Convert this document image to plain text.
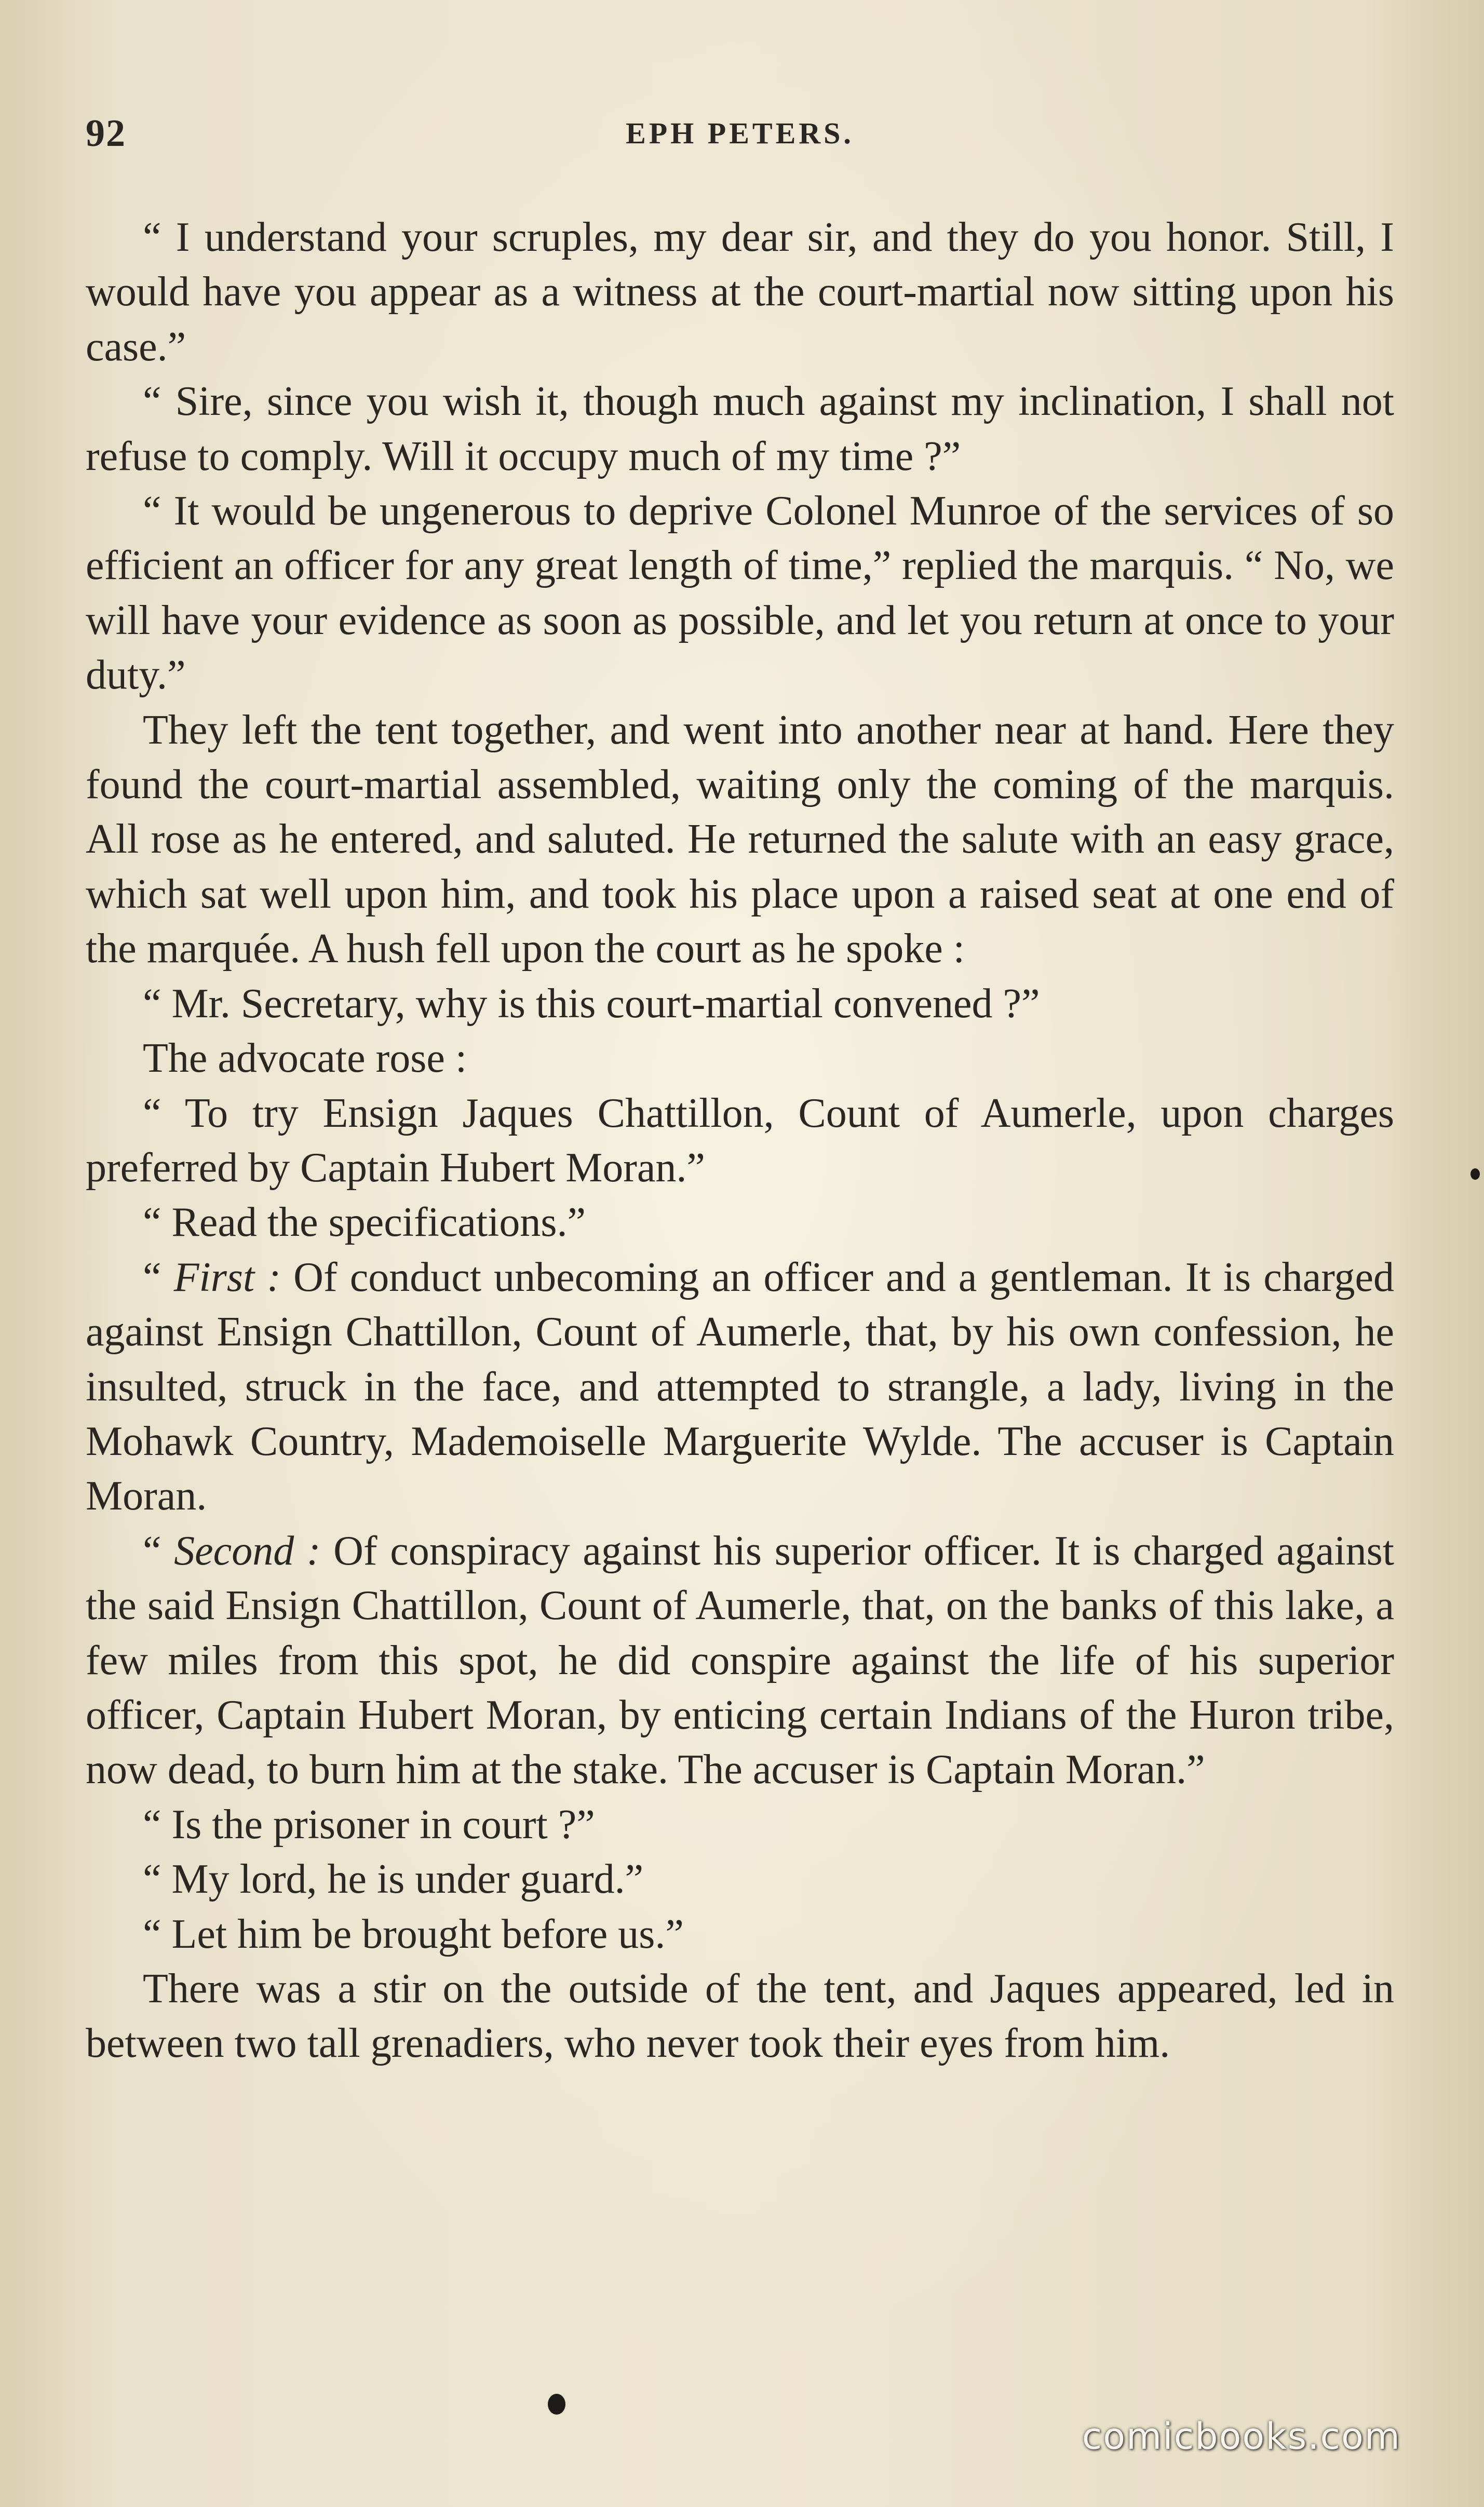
92	EPH PETERS.

“ I understand your scruples, my dear sir, and they do you honor. Still, I would have you appear as a witness at the court-martial now sitting upon his case.”

“ Sire, since you wish it, though much against my inclination, I shall not refuse to comply. Will it occupy much of my time ?”

“ It would be ungenerous to deprive Colonel Munroe of the services of so efficient an officer for any great length of time,” replied the marquis. “ No, we will have your evidence as soon as possible, and let you return at once to your duty.”

They left the tent together, and went into another near at hand. Here they found the court-martial assembled, waiting only the coming of the marquis. All rose as he entered, and saluted. He returned the salute with an easy grace, which sat well upon him, and took his place upon a raised seat at one end of the marquée. A hush fell upon the court as he spoke :

“ Mr. Secretary, why is this court-martial convened ?”

The advocate rose :

“ To try Ensign Jaques Chattillon, Count of Aumerle, upon charges preferred by Captain Hubert Moran.”

“ Read the specifications.”

“ First : Of conduct unbecoming an officer and a gentleman. It is charged against Ensign Chattillon, Count of Aumerle, that, by his own confession, he insulted, struck in the face, and attempted to strangle, a lady, living in the Mohawk Country, Mademoiselle Marguerite Wylde. The accuser is Captain Moran.

“ Second : Of conspiracy against his superior officer. It is charged against the said Ensign Chattillon, Count of Aumerle, that, on the banks of this lake, a few miles from this spot, he did conspire against the life of his superior officer, Captain Hubert Moran, by enticing certain Indians of the Huron tribe, now dead, to burn him at the stake. The accuser is Captain Moran.”

“ Is the prisoner in court ?”

“ My lord, he is under guard.”

“ Let him be brought before us.”

There was a stir on the outside of the tent, and Jaques appeared, led in between two tall grenadiers, who never took their eyes from him.

comicbooks.com
